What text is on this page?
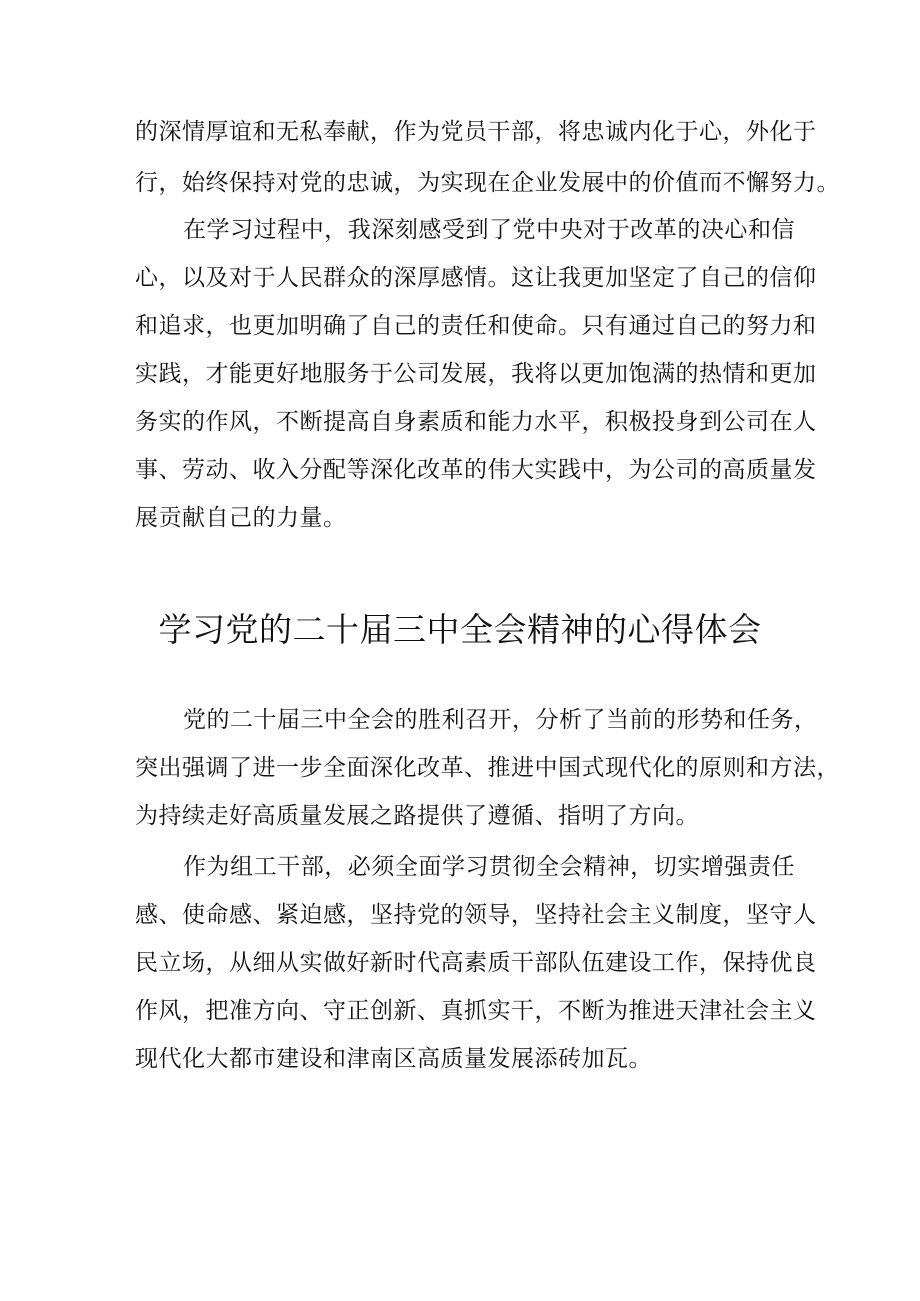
的深情厚谊和无私奉献，作为党员干部，将忠诚内化于心，外化于
行，始终保持对党的忠诚，为实现在企业发展中的价值而不懈努力。
在学习过程中，我深刻感受到了党中央对于改革的决心和信
心，以及对于人民群众的深厚感情。这让我更加坚定了自己的信仰
和追求，也更加明确了自己的责任和使命。只有通过自己的努力和
实践，才能更好地服务于公司发展，我将以更加饱满的热情和更加
务实的作风，不断提高自身素质和能力水平，积极投身到公司在人
事、劳动、收入分配等深化改革的伟大实践中，为公司的高质量发
展贡献自己的力量。
学习党的二十届三中全会精神的心得体会
党的二十届三中全会的胜利召开，分析了当前的形势和任务，
突出强调了进一步全面深化改革、推进中国式现代化的原则和方法，
为持续走好高质量发展之路提供了遵循、指明了方向。
作为组工干部，必须全面学习贯彻全会精神，切实增强责任
感、使命感、紧迫感，坚持党的领导，坚持社会主义制度，坚守人
民立场，从细从实做好新时代高素质干部队伍建设工作，保持优良
作风，把准方向、守正创新、真抓实干，不断为推进天津社会主义
现代化大都市建设和津南区高质量发展添砖加瓦。
